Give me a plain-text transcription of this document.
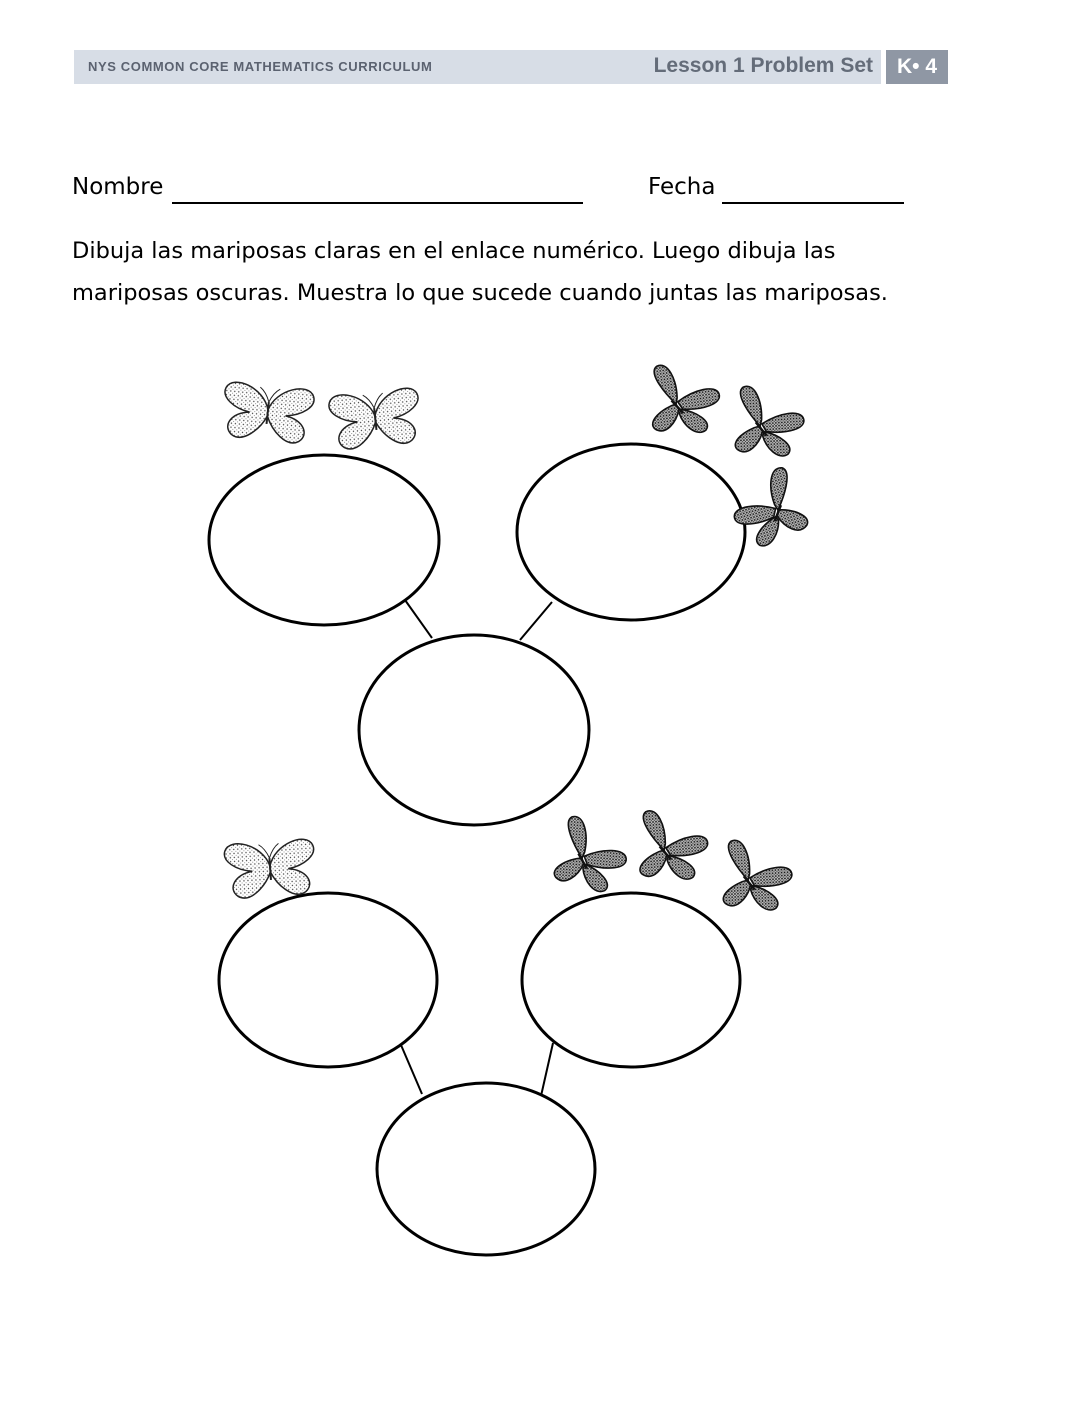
NYS COMMON CORE MATHEMATICS CURRICULUM	Lesson 1 Problem Set	K• 4
Nombre	Fecha
Dibuja las mariposas claras en el enlace numérico. Luego dibuja las
mariposas oscuras. Muestra lo que sucede cuando juntas las mariposas.
